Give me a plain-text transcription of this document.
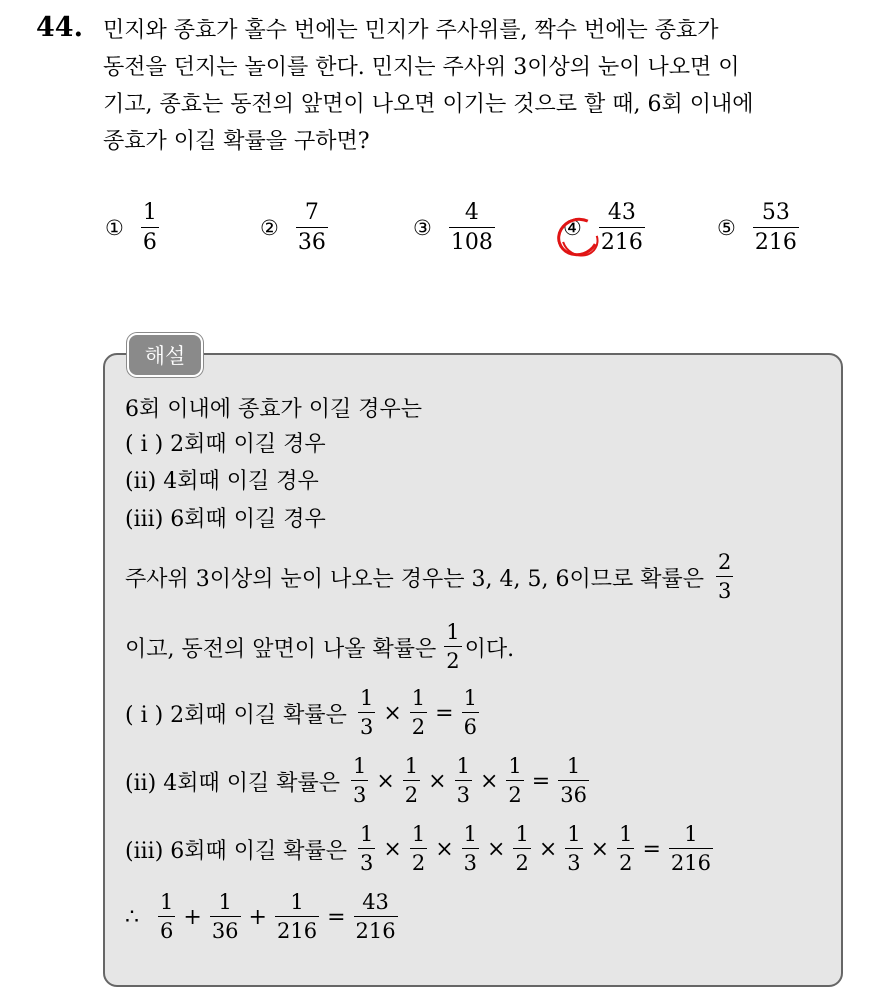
44. 민지와 종효가 홀수 번에는 민지가 주사위를, 짝수 번에는 종효가
동전을 던지는 놀이를 한다. 민지는 주사위 3이상의 눈이 나오면 이
기고, 종효는 동전의 앞면이 나오면 이기는 것으로 할 때, 6회 이내에
종효가 이길 확률을 구하면?
① $\frac{1}{6}$	② $\frac{7}{36}$	③ $\frac{4}{108}$	④ $\frac{43}{216}$	⑤ $\frac{53}{216}$
해설
6회 이내에 종효가 이길 경우는
( i ) 2회때 이길 경우
(ii) 4회때 이길 경우
(iii) 6회때 이길 경우
주사위 3이상의 눈이 나오는 경우는 3, 4, 5, 6이므로 확률은 $\frac{2}{3}$
이고, 동전의 앞면이 나올 확률은 $\frac{1}{2}$ 이다.
( i ) 2회때 이길 확률은 $\frac{1}{3} \times \frac{1}{2} = \frac{1}{6}$
(ii) 4회때 이길 확률은 $\frac{1}{3} \times \frac{1}{2} \times \frac{1}{3} \times \frac{1}{2} = \frac{1}{36}$
(iii) 6회때 이길 확률은 $\frac{1}{3} \times \frac{1}{2} \times \frac{1}{3} \times \frac{1}{2} \times \frac{1}{3} \times \frac{1}{2} = \frac{1}{216}$
∴ $\frac{1}{6} + \frac{1}{36} + \frac{1}{216} = \frac{43}{216}$
